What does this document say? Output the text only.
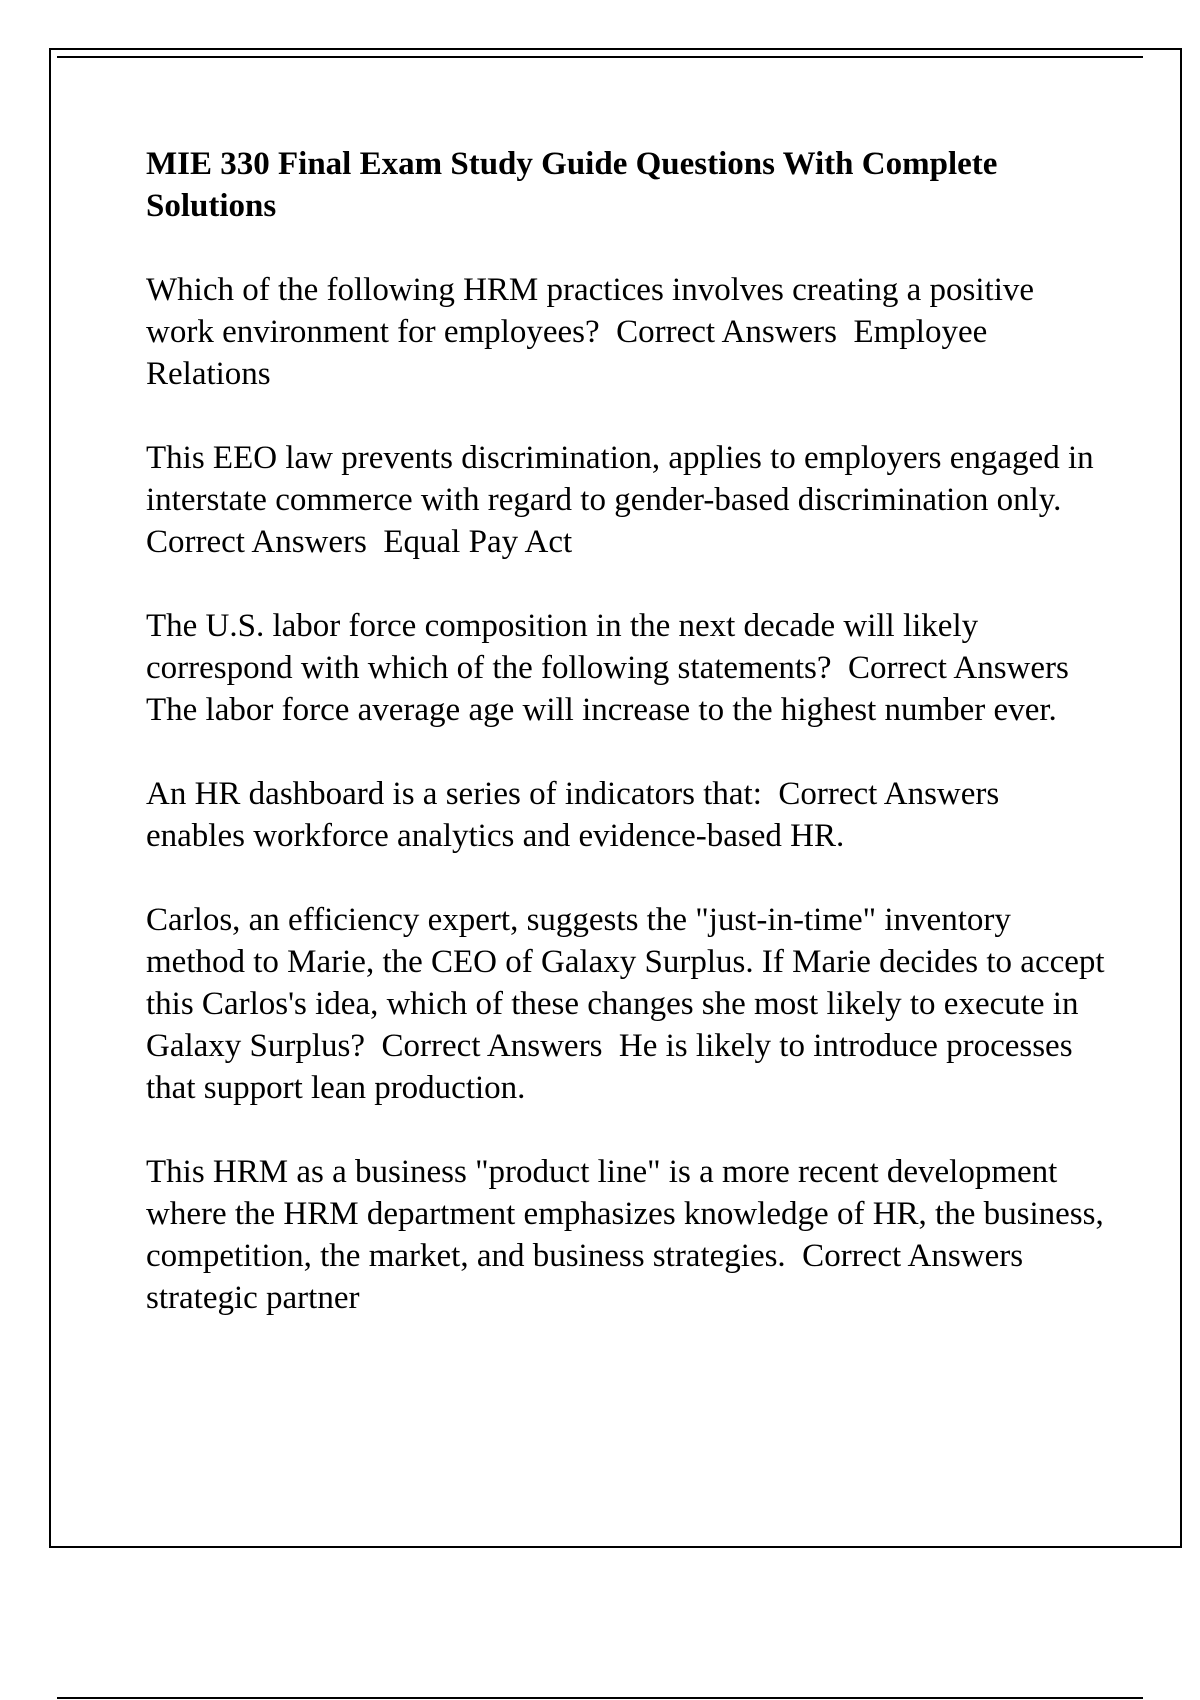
MIE 330 Final Exam Study Guide Questions With Complete Solutions

Which of the following HRM practices involves creating a positive work environment for employees?  Correct Answers  Employee Relations

This EEO law prevents discrimination, applies to employers engaged in interstate commerce with regard to gender-based discrimination only.  Correct Answers  Equal Pay Act

The U.S. labor force composition in the next decade will likely correspond with which of the following statements?  Correct Answers  The labor force average age will increase to the highest number ever.

An HR dashboard is a series of indicators that:  Correct Answers  enables workforce analytics and evidence-based HR.

Carlos, an efficiency expert, suggests the "just-in-time" inventory method to Marie, the CEO of Galaxy Surplus. If Marie decides to accept this Carlos's idea, which of these changes she most likely to execute in Galaxy Surplus?  Correct Answers  He is likely to introduce processes that support lean production.

This HRM as a business "product line" is a more recent development where the HRM department emphasizes knowledge of HR, the business, competition, the market, and business strategies.  Correct Answers  strategic partner
